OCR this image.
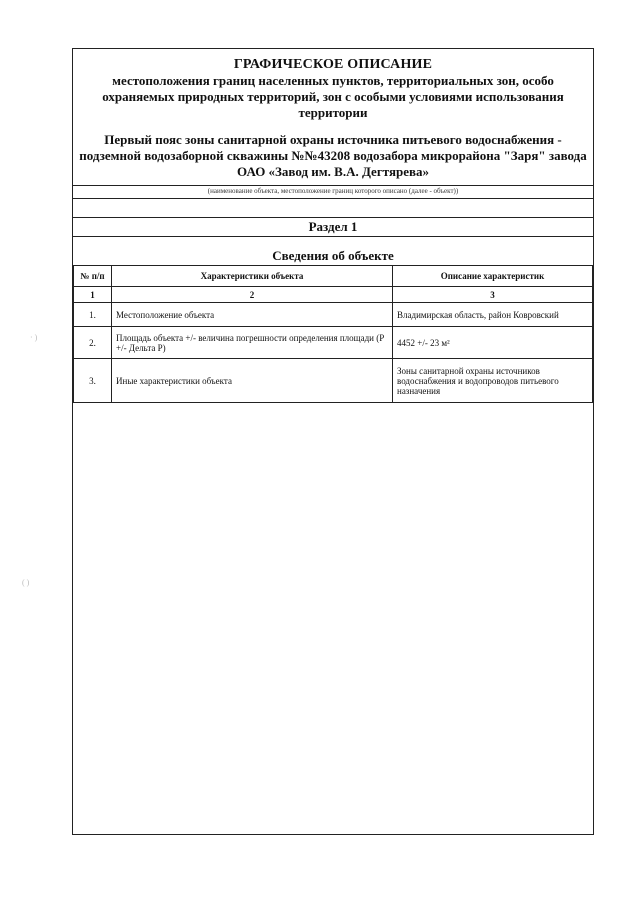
· )
( )
ГРАФИЧЕСКОЕ ОПИСАНИЕ
местоположения границ населенных пунктов, территориальных зон, особо охраняемых природных территорий, зон с особыми условиями использования территории
Первый пояс зоны санитарной охраны источника питьевого водоснабжения - подземной водозаборной скважины №№43208 водозабора микрорайона "Заря" завода ОАО «Завод им. В.А. Дегтярева»
(наименование объекта, местоположение границ которого описано (далее - объект))
Раздел 1
Сведения об объекте
№ п/п	Характеристики объекта	Описание характеристик
1	2	3
1.	Местоположение объекта	Владимирская область, район Ковровский
2.	Площадь объекта +/- величина погрешности определения площади (P +/- Дельта P)	4452 +/- 23 м²
3.	Иные характеристики объекта	Зоны санитарной охраны источников водоснабжения и водопроводов питьевого назначения
